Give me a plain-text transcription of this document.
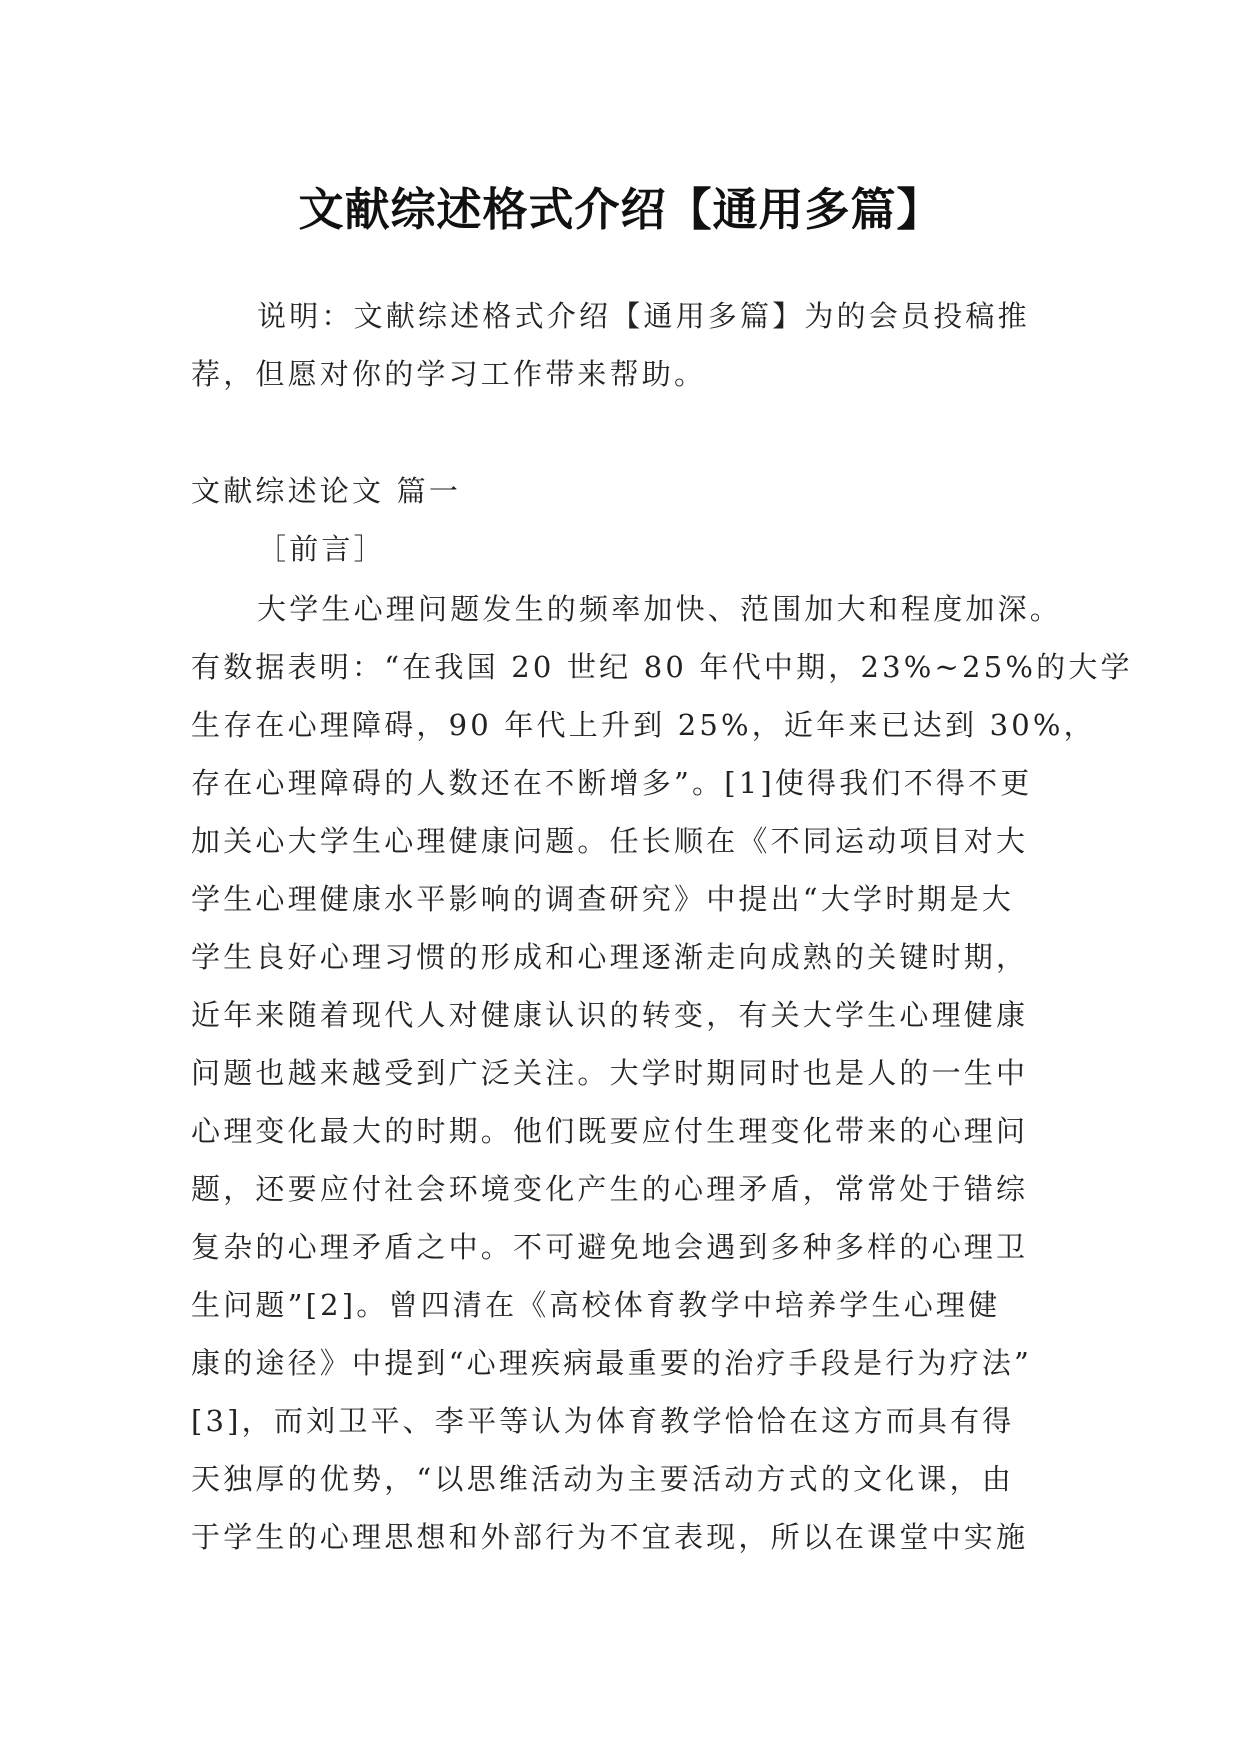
文献综述格式介绍【通用多篇】
说明：文献综述格式介绍【通用多篇】为的会员投稿推
荐，但愿对你的学习工作带来帮助。
文献综述论文 篇一
［前言］
大学生心理问题发生的频率加快、范围加大和程度加深。
有数据表明：“在我国 20 世纪 80 年代中期，23%~25%的大学
生存在心理障碍，90 年代上升到 25%，近年来已达到 30%，
存在心理障碍的人数还在不断增多”。[1]使得我们不得不更
加关心大学生心理健康问题。任长顺在《不同运动项目对大
学生心理健康水平影响的调查研究》中提出“大学时期是大
学生良好心理习惯的形成和心理逐渐走向成熟的关键时期，
近年来随着现代人对健康认识的转变，有关大学生心理健康
问题也越来越受到广泛关注。大学时期同时也是人的一生中
心理变化最大的时期。他们既要应付生理变化带来的心理问
题，还要应付社会环境变化产生的心理矛盾，常常处于错综
复杂的心理矛盾之中。不可避免地会遇到多种多样的心理卫
生问题”[2]。曾四清在《高校体育教学中培养学生心理健
康的途径》中提到“心理疾病最重要的治疗手段是行为疗法”
[3]，而刘卫平、李平等认为体育教学恰恰在这方而具有得
天独厚的优势，“以思维活动为主要活动方式的文化课，由
于学生的心理思想和外部行为不宜表现，所以在课堂中实施
